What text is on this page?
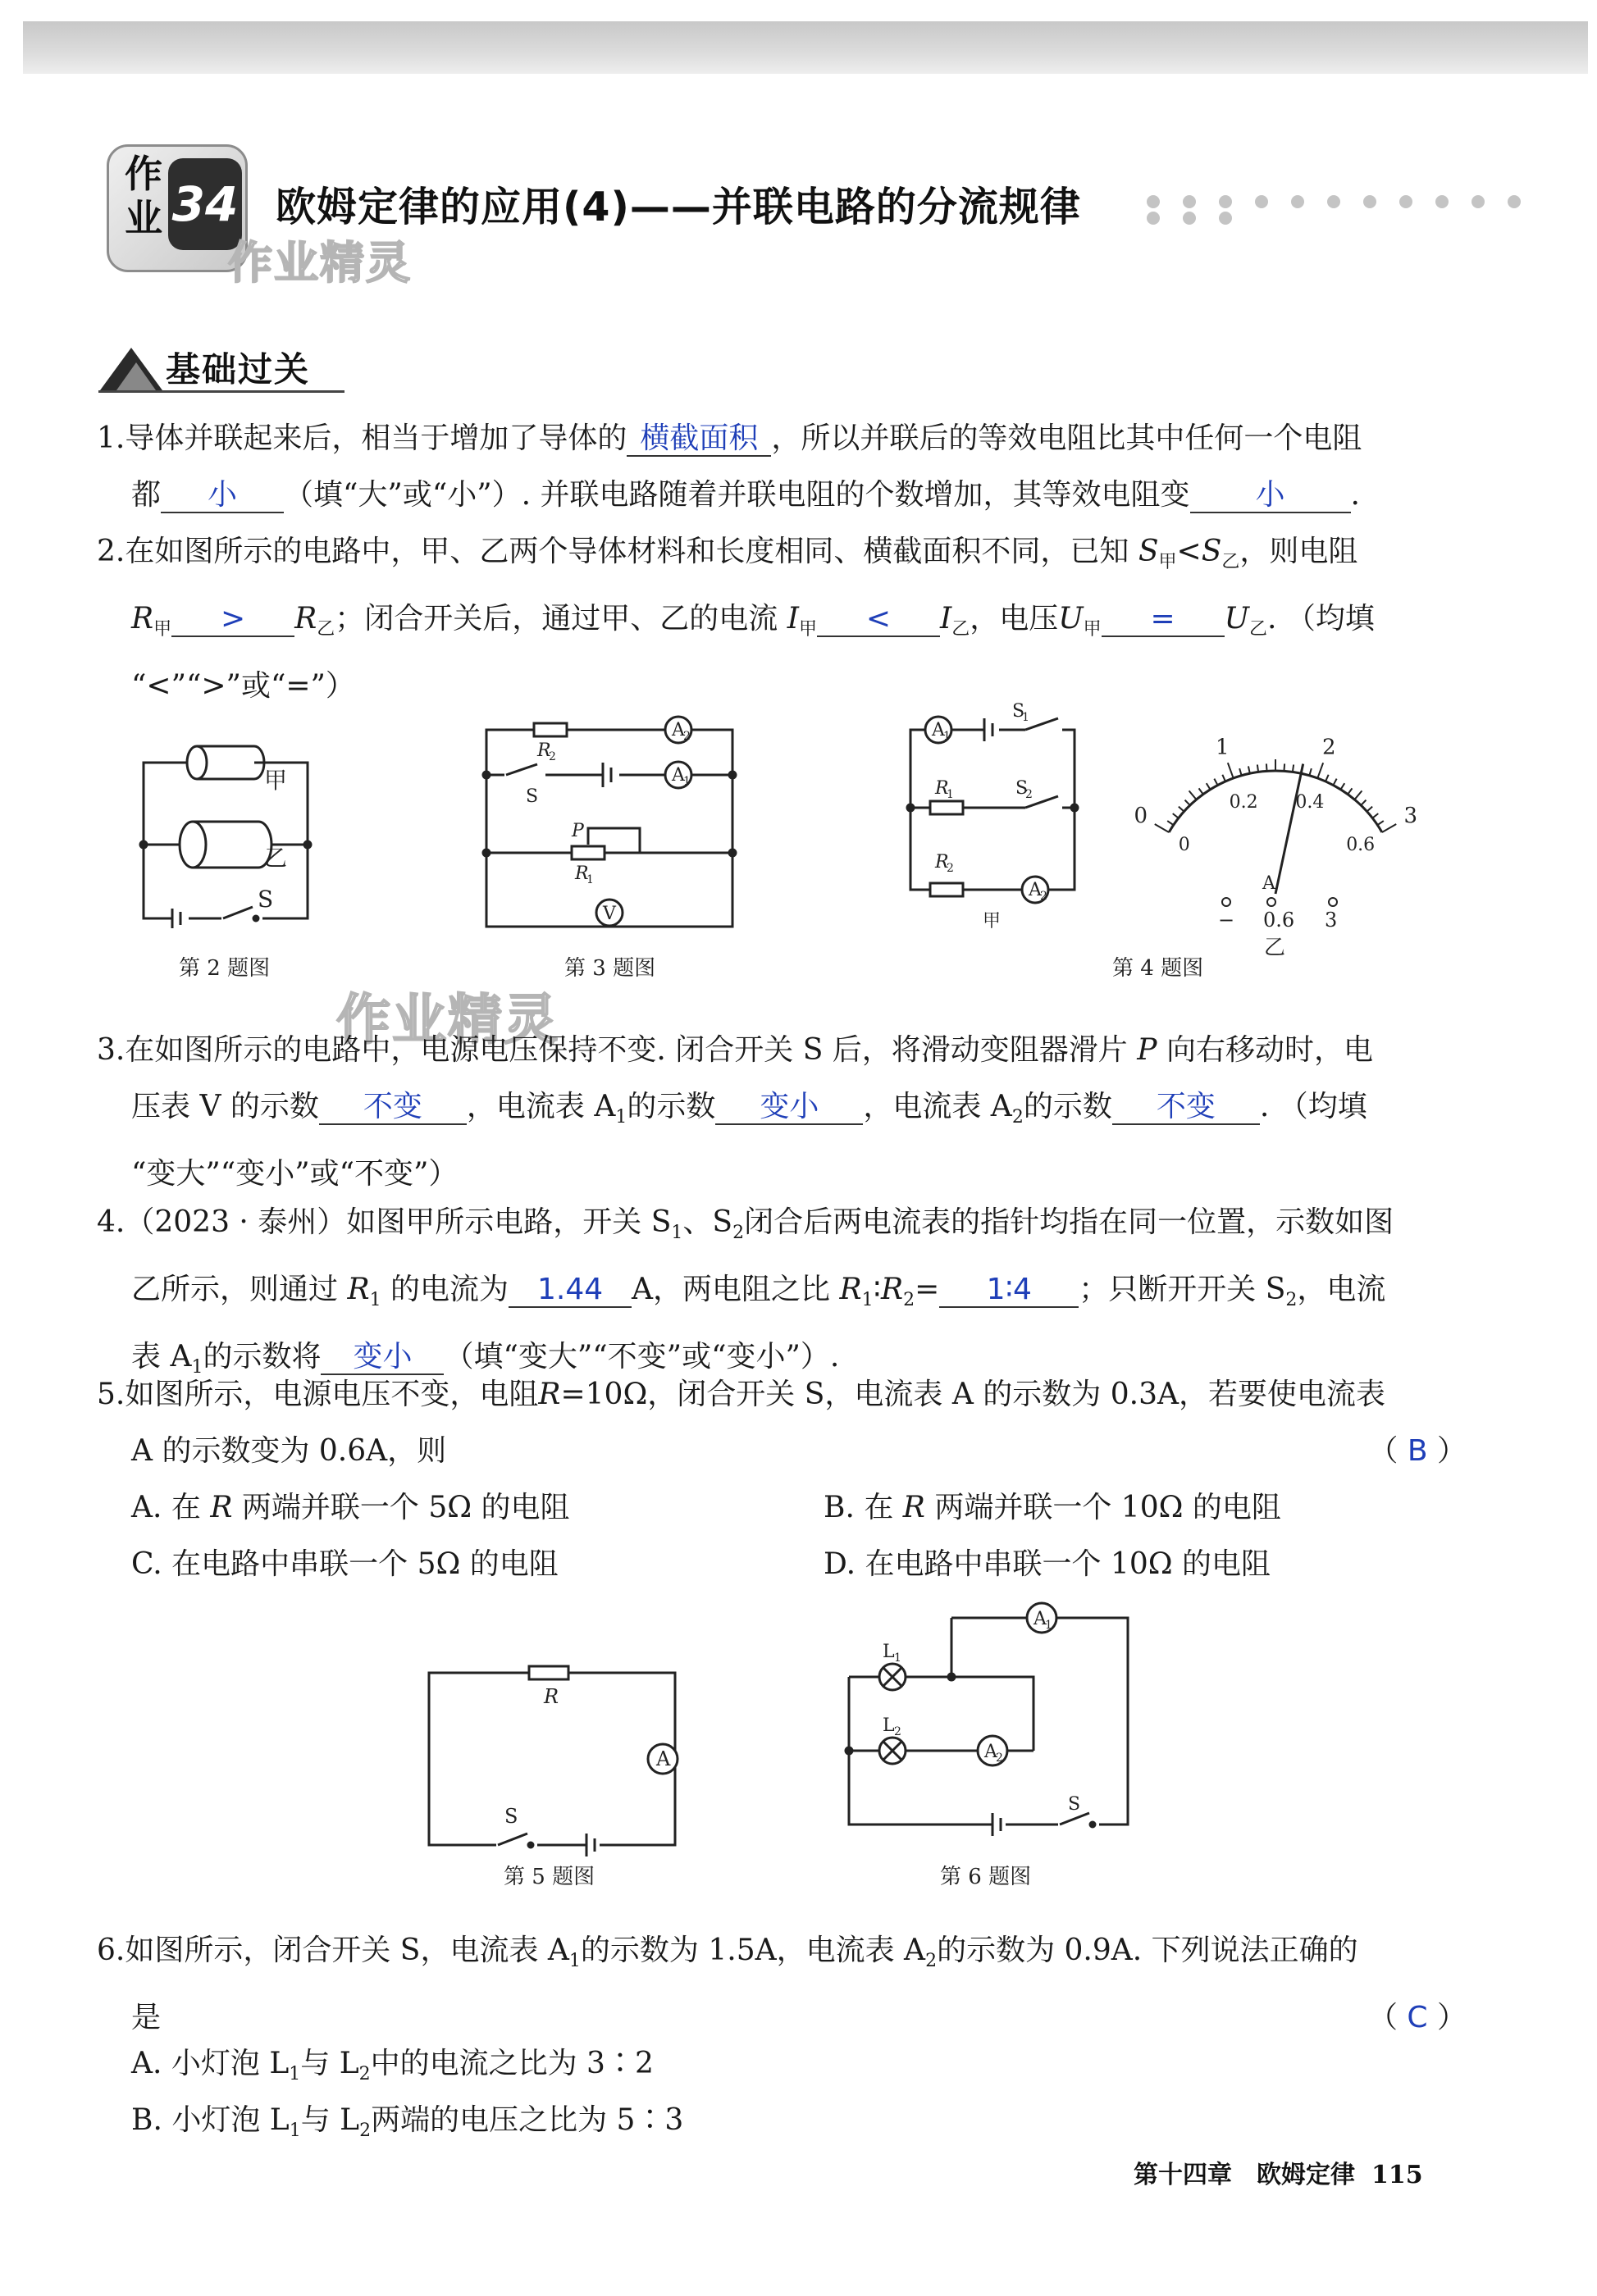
作业 34 欧姆定律的应用(4)——并联电路的分流规律
作业精灵
作业精灵
基础过关
1.导体并联起来后，相当于增加了导体的 横截面积 ，所以并联后的等效电阻比其中任何一个电阻
都 小 （填“大”或“小”）. 并联电路随着并联电阻的个数增加，其等效电阻变 小 .
2.在如图所示的电路中，甲、乙两个导体材料和长度相同、横截面积不同，已知 $S_甲<S_乙$，则电阻
$R_甲 > R_乙$；闭合开关后，通过甲、乙的电流 $I_甲 < I_乙$，电压$U_甲 = U_乙$. （均填
“<”“>”或“=”）
甲
乙
S
第 2 题图
A
2
A
1
V
R
2
S
P
R
1
第 3 题图
A
1
S
1
R
1	S
2
R
2
A
2
甲
0
0
1
0.2
2
0.4
3
0.6
A
− 0.6 3
乙
第 4 题图
3.在如图所示的电路中，电源电压保持不变. 闭合开关 S 后，将滑动变阻器滑片 P 向右移动时，电
压表 V 的示数 不变 ，电流表 $A_1$的示数 变小 ，电流表 $A_2$的示数 不变 . （均填
“变大”“变小”或“不变”）
4.（2023 · 泰州）如图甲所示电路，开关 $S_1$、$S_2$闭合后两电流表的指针均指在同一位置，示数如图
乙所示，则通过 $R_1$ 的电流为 1.44 A，两电阻之比 $R_1∶R_2=$ 1∶4 ；只断开开关 $S_2$，电流
表 $A_1$的示数将 变小 （填“变大”“不变”或“变小”）.
5.如图所示，电源电压不变，电阻R=10Ω，闭合开关 S，电流表 A 的示数为 0.3A，若要使电流表
A 的示数变为 0.6A，则	（ B ）
A. 在 R 两端并联一个 5Ω 的电阻	B. 在 R 两端并联一个 10Ω 的电阻
C. 在电路中串联一个 5Ω 的电阻	D. 在电路中串联一个 10Ω 的电阻
R
A
S
第 5 题图
A
1
L 1
L 2
A
2
S
第 6 题图
6.如图所示，闭合开关 S，电流表 $A_1$的示数为 1.5A，电流表 $A_2$的示数为 0.9A. 下列说法正确的
是	（ C ）
A. 小灯泡 $L_1$与 $L_2$中的电流之比为 3∶2
B. 小灯泡 $L_1$与 $L_2$两端的电压之比为 5∶3
第十四章　欧姆定律 115
